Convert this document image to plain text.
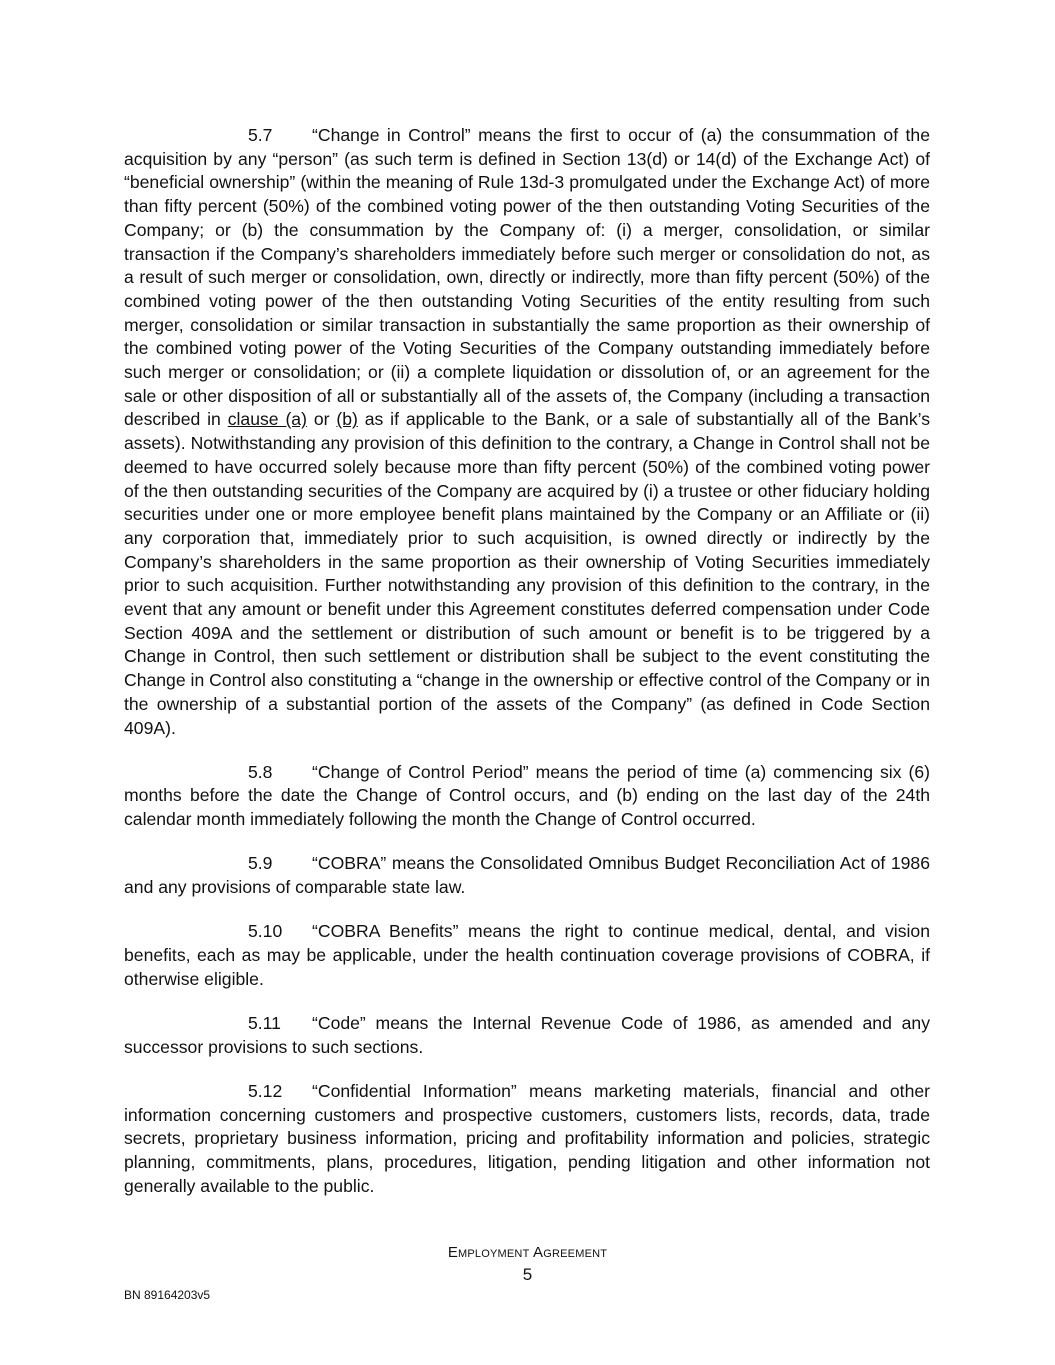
5.7 “Change in Control” means the first to occur of (a) the consummation of the acquisition by any “person” (as such term is defined in Section 13(d) or 14(d) of the Exchange Act) of “beneficial ownership” (within the meaning of Rule 13d-3 promulgated under the Exchange Act) of more than fifty percent (50%) of the combined voting power of the then outstanding Voting Securities of the Company; or (b) the consummation by the Company of: (i) a merger, consolidation, or similar transaction if the Company’s shareholders immediately before such merger or consolidation do not, as a result of such merger or consolidation, own, directly or indirectly, more than fifty percent (50%) of the combined voting power of the then outstanding Voting Securities of the entity resulting from such merger, consolidation or similar transaction in substantially the same proportion as their ownership of the combined voting power of the Voting Securities of the Company outstanding immediately before such merger or consolidation; or (ii) a complete liquidation or dissolution of, or an agreement for the sale or other disposition of all or substantially all of the assets of, the Company (including a transaction described in clause (a) or (b) as if applicable to the Bank, or a sale of substantially all of the Bank’s assets). Notwithstanding any provision of this definition to the contrary, a Change in Control shall not be deemed to have occurred solely because more than fifty percent (50%) of the combined voting power of the then outstanding securities of the Company are acquired by (i) a trustee or other fiduciary holding securities under one or more employee benefit plans maintained by the Company or an Affiliate or (ii) any corporation that, immediately prior to such acquisition, is owned directly or indirectly by the Company’s shareholders in the same proportion as their ownership of Voting Securities immediately prior to such acquisition. Further notwithstanding any provision of this definition to the contrary, in the event that any amount or benefit under this Agreement constitutes deferred compensation under Code Section 409A and the settlement or distribution of such amount or benefit is to be triggered by a Change in Control, then such settlement or distribution shall be subject to the event constituting the Change in Control also constituting a “change in the ownership or effective control of the Company or in the ownership of a substantial portion of the assets of the Company” (as defined in Code Section 409A).

5.8 “Change of Control Period” means the period of time (a) commencing six (6) months before the date the Change of Control occurs, and (b) ending on the last day of the 24th calendar month immediately following the month the Change of Control occurred.

5.9 “COBRA” means the Consolidated Omnibus Budget Reconciliation Act of 1986 and any provisions of comparable state law.

5.10 “COBRA Benefits” means the right to continue medical, dental, and vision benefits, each as may be applicable, under the health continuation coverage provisions of COBRA, if otherwise eligible.

5.11 “Code” means the Internal Revenue Code of 1986, as amended and any successor provisions to such sections.

5.12 “Confidential Information” means marketing materials, financial and other information concerning customers and prospective customers, customers lists, records, data, trade secrets, proprietary business information, pricing and profitability information and policies, strategic planning, commitments, plans, procedures, litigation, pending litigation and other information not generally available to the public.

Employment Agreement
5
BN 89164203v5
